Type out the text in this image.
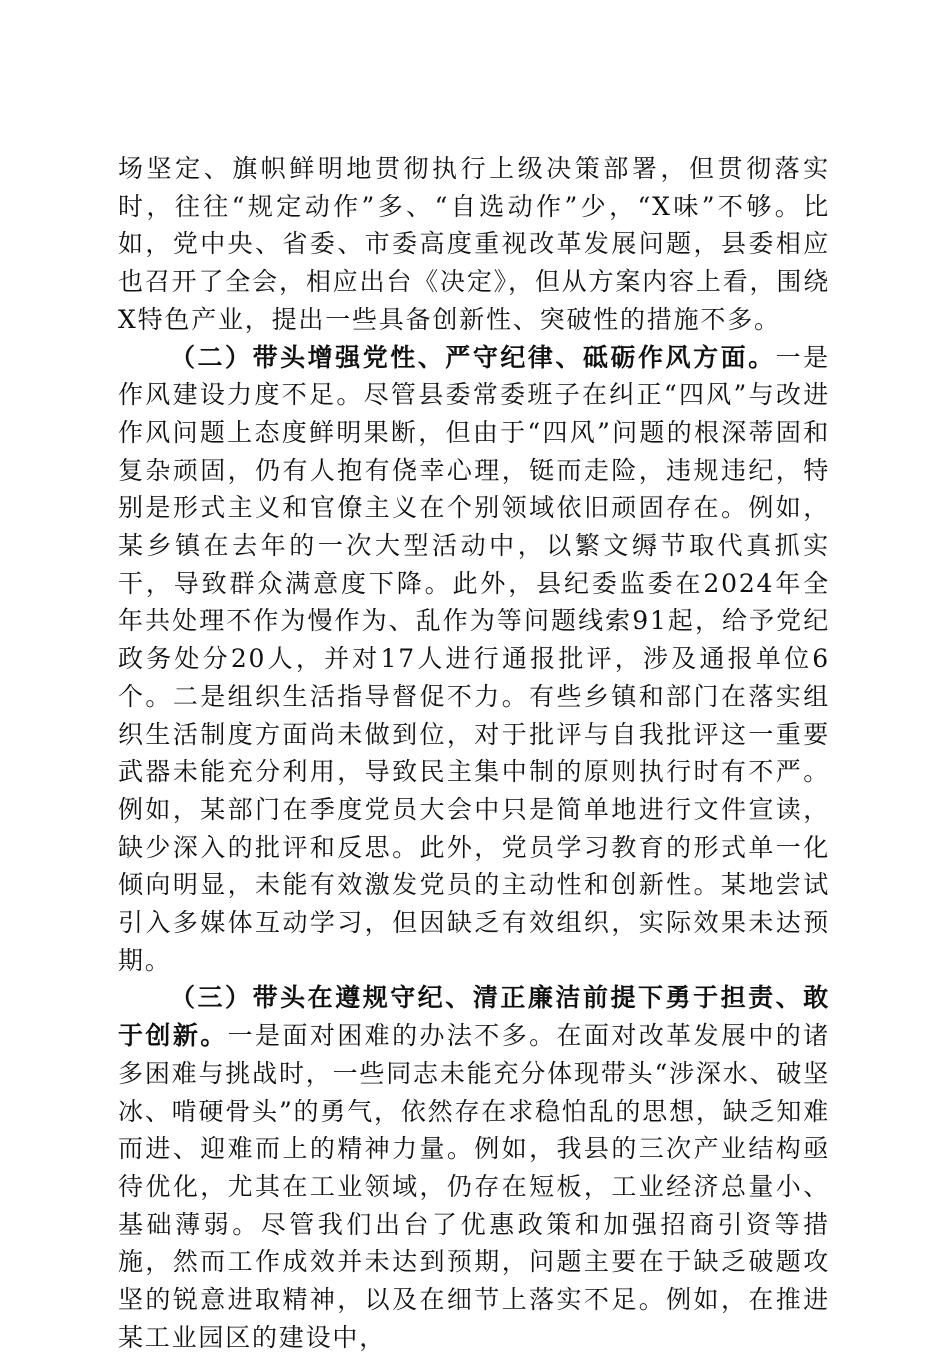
场坚定、旗帜鲜明地贯彻执行上级决策部署，但贯彻落实时，往往“规定动作”多、“自选动作”少，“X味”不够。比如，党中央、省委、市委高度重视改革发展问题，县委相应也召开了全会，相应出台《决定》，但从方案内容上看，围绕X特色产业，提出一些具备创新性、突破性的措施不多。

（二）带头增强党性、严守纪律、砥砺作风方面。一是作风建设力度不足。尽管县委常委班子在纠正“四风”与改进作风问题上态度鲜明果断，但由于“四风”问题的根深蒂固和复杂顽固，仍有人抱有侥幸心理，铤而走险，违规违纪，特别是形式主义和官僚主义在个别领域依旧顽固存在。例如，某乡镇在去年的一次大型活动中，以繁文缛节取代真抓实干，导致群众满意度下降。此外，县纪委监委在2024年全年共处理不作为慢作为、乱作为等问题线索91起，给予党纪政务处分20人，并对17人进行通报批评，涉及通报单位6个。二是组织生活指导督促不力。有些乡镇和部门在落实组织生活制度方面尚未做到位，对于批评与自我批评这一重要武器未能充分利用，导致民主集中制的原则执行时有不严。例如，某部门在季度党员大会中只是简单地进行文件宣读，缺少深入的批评和反思。此外，党员学习教育的形式单一化倾向明显，未能有效激发党员的主动性和创新性。某地尝试引入多媒体互动学习，但因缺乏有效组织，实际效果未达预期。

（三）带头在遵规守纪、清正廉洁前提下勇于担责、敢于创新。一是面对困难的办法不多。在面对改革发展中的诸多困难与挑战时，一些同志未能充分体现带头“涉深水、破坚冰、啃硬骨头”的勇气，依然存在求稳怕乱的思想，缺乏知难而进、迎难而上的精神力量。例如，我县的三次产业结构亟待优化，尤其在工业领域，仍存在短板，工业经济总量小、基础薄弱。尽管我们出台了优惠政策和加强招商引资等措施，然而工作成效并未达到预期，问题主要在于缺乏破题攻坚的锐意进取精神，以及在细节上落实不足。例如，在推进某工业园区的建设中，
